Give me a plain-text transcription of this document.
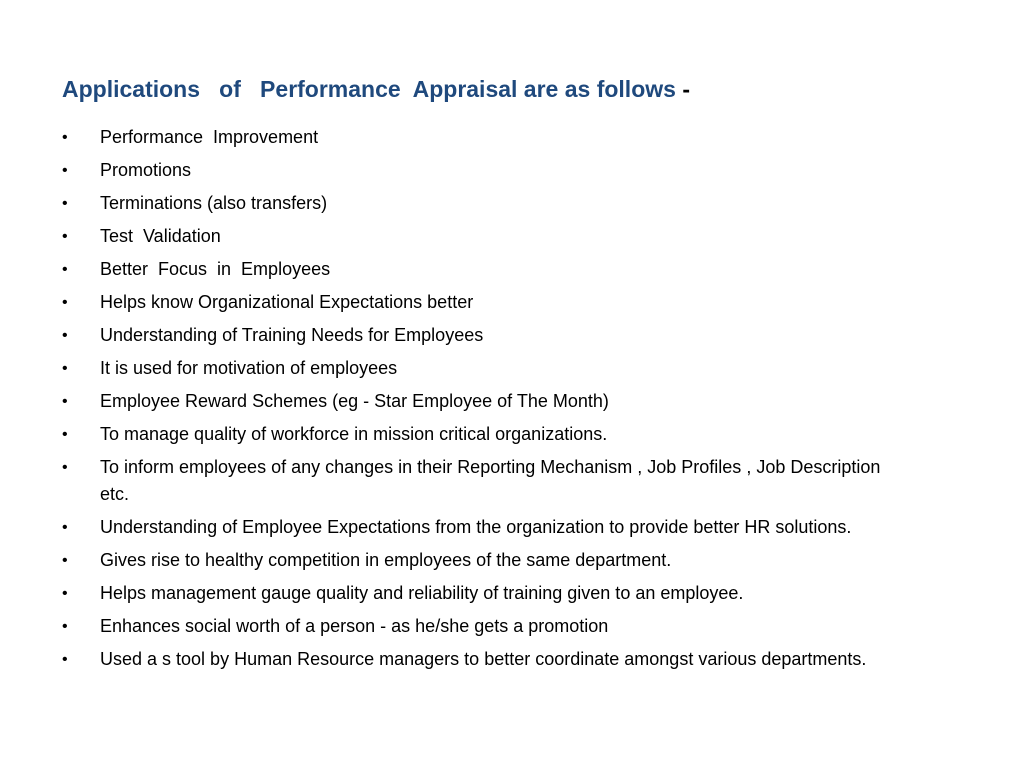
Applications   of   Performance  Appraisal are as follows -
•	Performance  Improvement
•	Promotions
•	Terminations (also transfers)
•	Test  Validation
•	Better  Focus  in  Employees
•	Helps know Organizational Expectations better
•	Understanding of Training Needs for Employees
•	It is used for motivation of employees
•	Employee Reward Schemes (eg - Star Employee of The Month)
•	To manage quality of workforce in mission critical organizations.
•	To inform employees of any changes in their Reporting Mechanism , Job Profiles , Job Description etc.
•	Understanding of Employee Expectations from the organization to provide better HR solutions.
•	Gives rise to healthy competition in employees of the same department.
•	Helps management gauge quality and reliability of training given to an employee.
•	Enhances social worth of a person - as he/she gets a promotion
•	Used a s tool by Human Resource managers to better coordinate amongst various departments.
